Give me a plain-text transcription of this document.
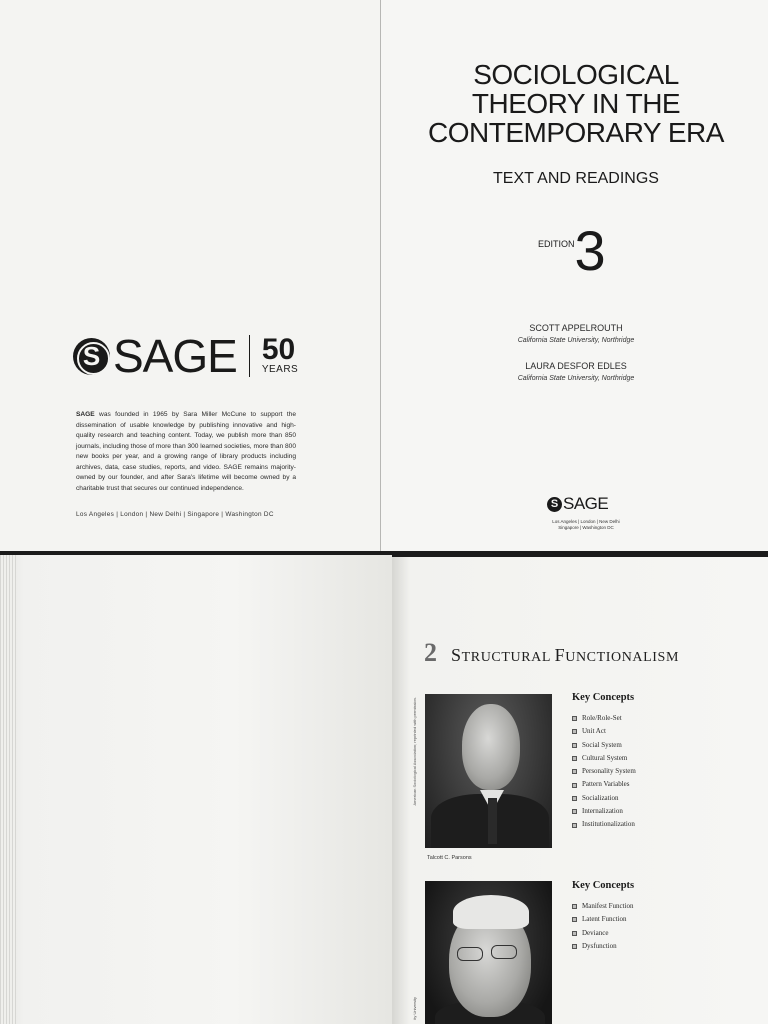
S SAGE 50
YEARS

SAGE was founded in 1965 by Sara Miller McCune to support the dissemination of usable knowledge by publishing innovative and high-quality research and teaching content. Today, we publish more than 850 journals, including those of more than 300 learned societies, more than 800 new books per year, and a growing range of library products including archives, data, case studies, reports, and video. SAGE remains majority-owned by our founder, and after Sara's lifetime will become owned by a charitable trust that secures our continued independence.

Los Angeles | London | New Delhi | Singapore | Washington DC
SOCIOLOGICAL
THEORY IN THE
CONTEMPORARY ERA
TEXT AND READINGS
EDITION 3
SCOTT APPELROUTH
California State University, Northridge
LAURA DESFOR EDLES
California State University, Northridge
S SAGE
Los Angeles | London | New Delhi
Singapore | Washington DC
2 STRUCTURAL FUNCTIONALISM
American Sociological Association; reprinted with permission.
Talcott C. Parsons
Key Concepts
Role/Role-Set
Unit Act
Social System
Cultural System
Personality System
Pattern Variables
Socialization
Internalization
Institutionalization
ity University
Key Concepts
Manifest Function
Latent Function
Deviance
Dysfunction
